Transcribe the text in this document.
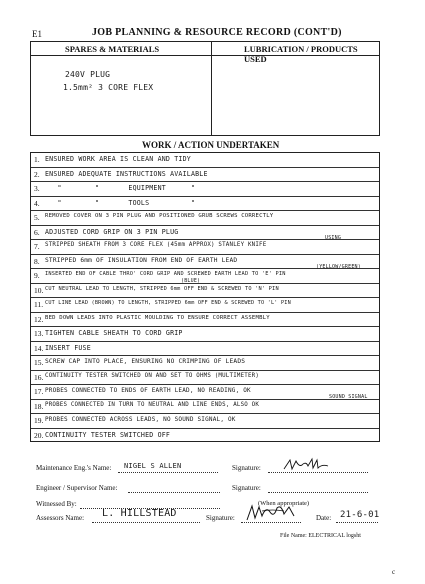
E1	JOB PLANNING & RESOURCE RECORD (CONT'D)
SPARES & MATERIALS	LUBRICATION / PRODUCTS USED
240V PLUG
1.5mm² 3 CORE FLEX
WORK / ACTION UNDERTAKEN
1. ENSURED WORK AREA IS CLEAN AND TIDY
2. ENSURED ADEQUATE INSTRUCTIONS AVAILABLE
3. "        "       EQUIPMENT      "
4. "        "       TOOLS          "
5. REMOVED COVER ON 3 PIN PLUG AND POSITIONED GRUB SCREWS CORRECTLY
6. ADJUSTED CORD GRIP ON 3 PIN PLUG
7. STRIPPED SHEATH FROM 3 CORE FLEX (45mm APPROX) STANLEY KNIFE
8. STRIPPED 6mm OF INSULATION FROM END OF EARTH LEAD
9. INSERTED END OF CABLE THRO' CORD GRIP AND SCREWED EARTH LEAD TO 'E' PIN
10. CUT NEUTRAL LEAD TO LENGTH, STRIPPED 6mm OFF END & SCREWED TO 'N' PIN
11. CUT LINE LEAD (BROWN) TO LENGTH, STRIPPED 6mm OFF END & SCREWED TO 'L' PIN
12. BED DOWN LEADS INTO PLASTIC MOULDING TO ENSURE CORRECT ASSEMBLY
13. TIGHTEN CABLE SHEATH TO CORD GRIP
14. INSERT FUSE
15. SCREW CAP INTO PLACE, ENSURING NO CRIMPING OF LEADS
16. CONTINUITY TESTER SWITCHED ON AND SET TO OHMS (MULTIMETER)
17. PROBES CONNECTED TO ENDS OF EARTH LEAD, NO READING, OK
18. PROBES CONNECTED IN TURN TO NEUTRAL AND LINE ENDS, ALSO OK
19. PROBES CONNECTED ACROSS LEADS, NO SOUND SIGNAL, OK
20. CONTINUITY TESTER SWITCHED OFF
USING
(YELLOW/GREEN)
(BLUE)
SOUND SIGNAL
Maintenance Eng.'s Name: NIGEL S ALLEN	Signature:
Engineer / Supervisor Name:	Signature:
Witnessed By:	(When appropriate)
Assessors Name: L. HILLSTEAD	Signature:	Date: 21-6-01
File Name: ELECTRICAL logsht
c
